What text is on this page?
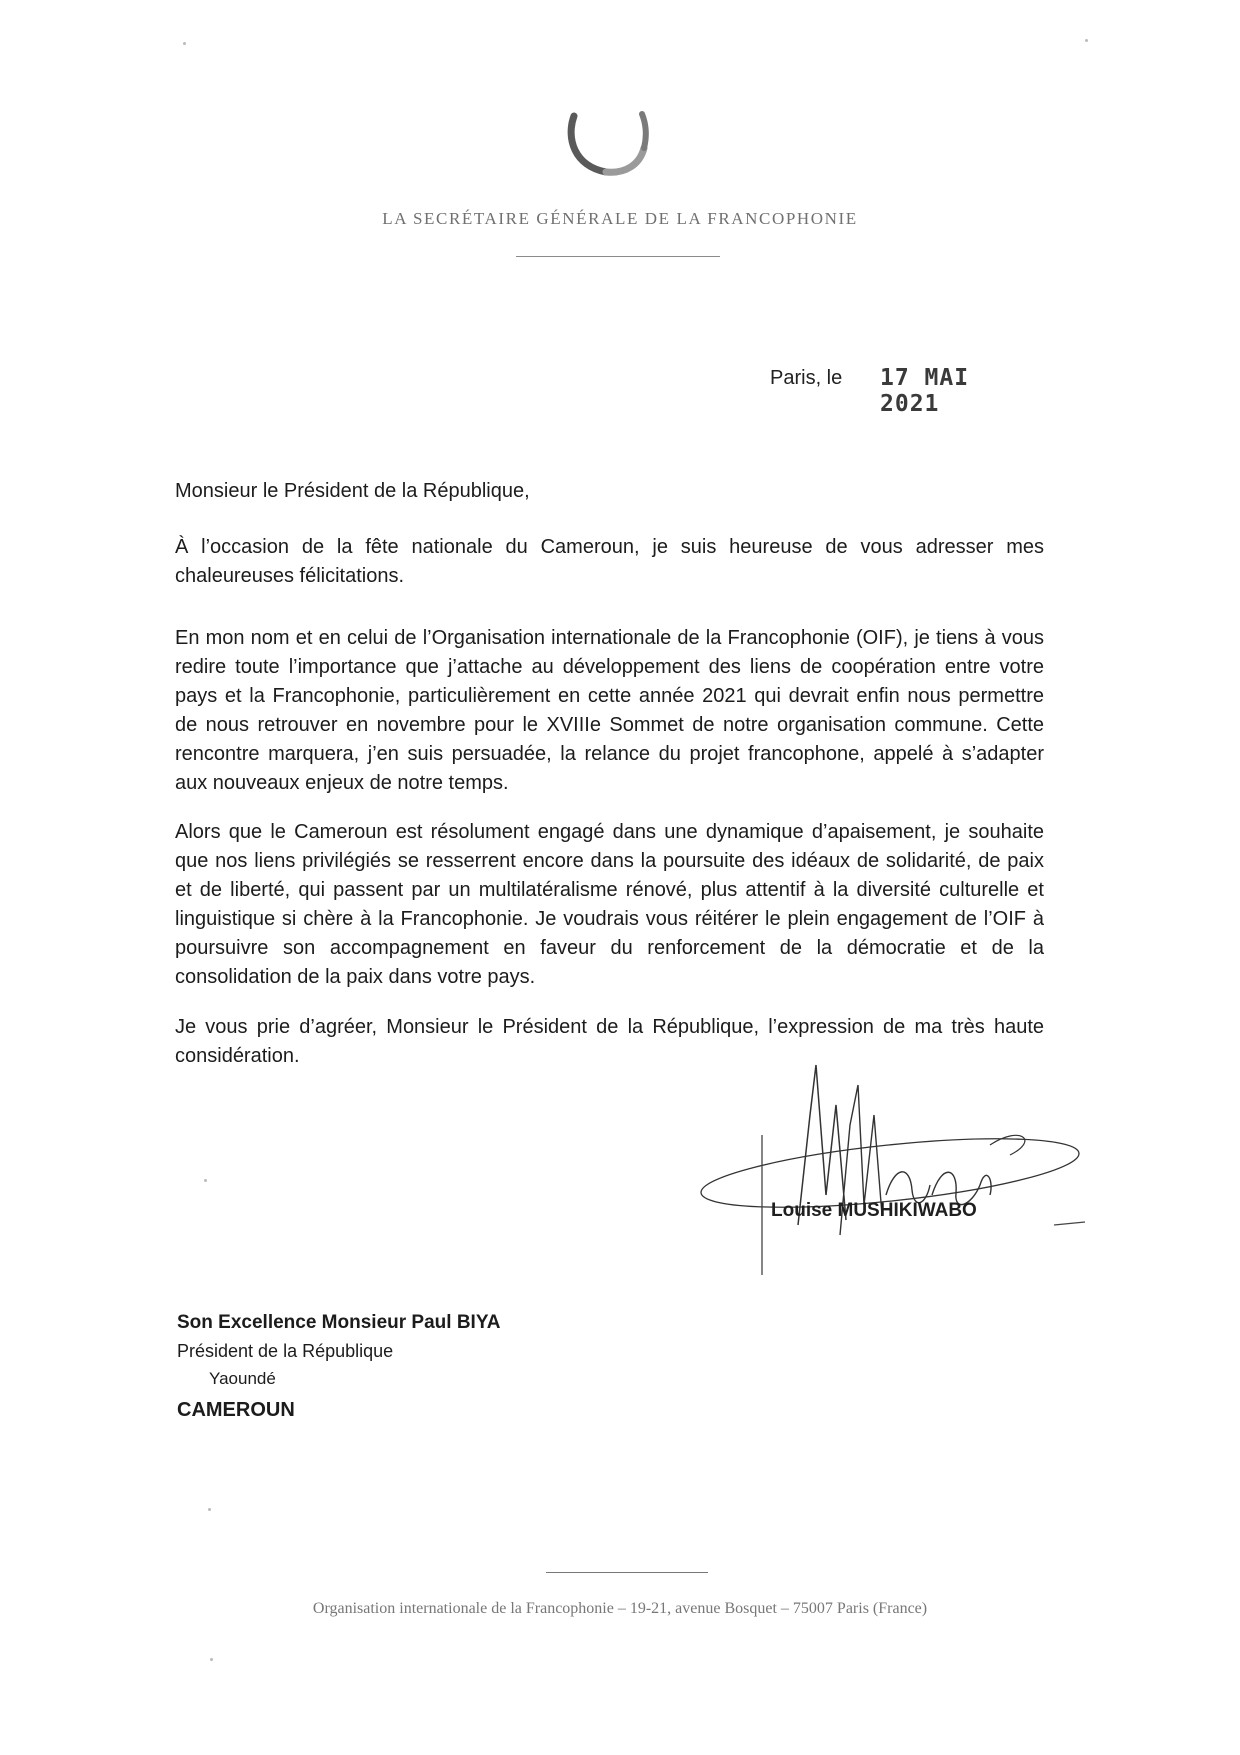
LA SECRÉTAIRE GÉNÉRALE DE LA FRANCOPHONIE
Paris, le 17 MAI 2021
Monsieur le Président de la République,

À l’occasion de la fête nationale du Cameroun, je suis heureuse de vous adresser mes chaleureuses félicitations.

En mon nom et en celui de l’Organisation internationale de la Francophonie (OIF), je tiens à vous redire toute l’importance que j’attache au développement des liens de coopération entre votre pays et la Francophonie, particulièrement en cette année 2021 qui devrait enfin nous permettre de nous retrouver en novembre pour le XVIIIe Sommet de notre organisation commune. Cette rencontre marquera, j’en suis persuadée, la relance du projet francophone, appelé à s’adapter aux nouveaux enjeux de notre temps.

Alors que le Cameroun est résolument engagé dans une dynamique d’apaisement, je souhaite que nos liens privilégiés se resserrent encore dans la poursuite des idéaux de solidarité, de paix et de liberté, qui passent par un multilatéralisme rénové, plus attentif à la diversité culturelle et linguistique si chère à la Francophonie. Je voudrais vous réitérer le plein engagement de l’OIF à poursuivre son accompagnement en faveur du renforcement de la démocratie et de la consolidation de la paix dans votre pays.

Je vous prie d’agréer, Monsieur le Président de la République, l’expression de ma très haute considération.

Louise MUSHIKIWABO
Son Excellence Monsieur Paul BIYA
Président de la République
Yaoundé
CAMEROUN
Organisation internationale de la Francophonie – 19-21, avenue Bosquet – 75007 Paris (France)
